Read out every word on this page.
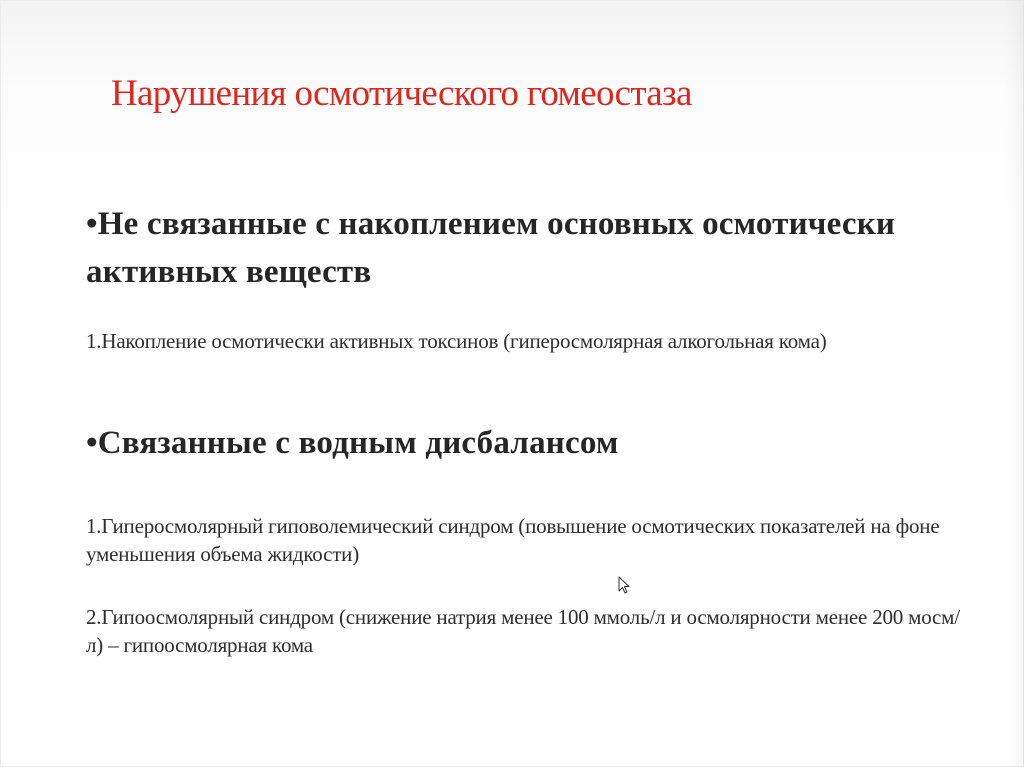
Нарушения осмотического гомеостаза

•Не связанные с накоплением основных осмотически активных веществ

1.Накопление осмотически активных токсинов (гиперосмолярная алкогольная кома)

•Связанные с водным дисбалансом

1.Гиперосмолярный гиповолемический синдром (повышение осмотических показателей на фоне уменьшения объема жидкости)

2.Гипоосмолярный синдром (снижение натрия менее 100 ммоль/л и осмолярности менее 200 мосм/л) – гипоосмолярная кома
